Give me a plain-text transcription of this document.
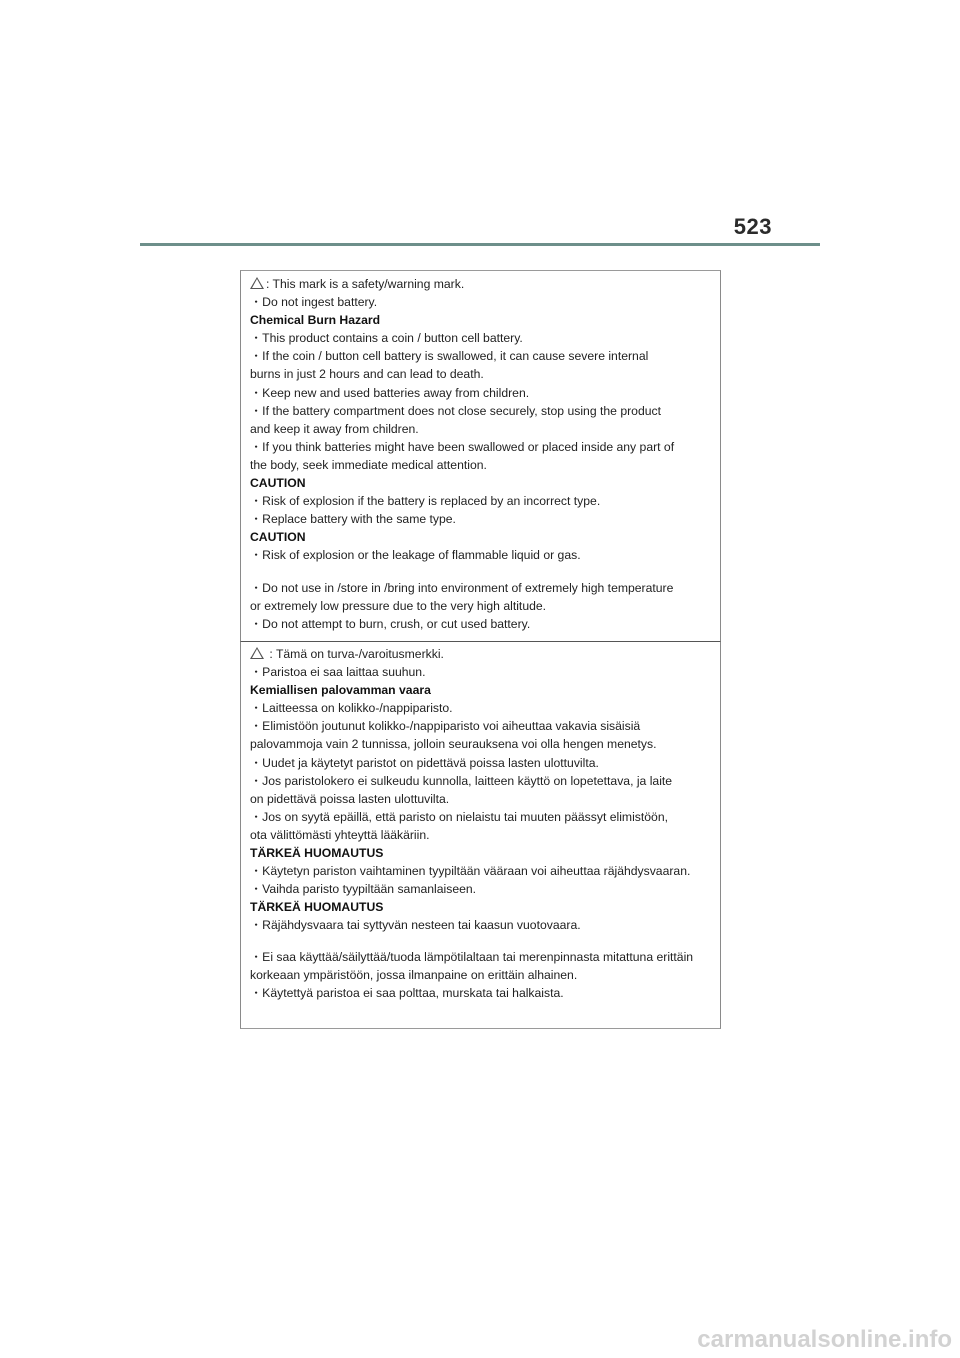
523
: This mark is a safety/warning mark.
・Do not ingest battery.
Chemical Burn Hazard
・This product contains a coin / button cell battery.
・If the coin / button cell battery is swallowed, it can cause severe internal
burns in just 2 hours and can lead to death.
・Keep new and used batteries away from children.
・If the battery compartment does not close securely, stop using the product
and keep it away from children.
・If you think batteries might have been swallowed or placed inside any part of
the body, seek immediate medical attention.
CAUTION
・Risk of explosion if the battery is replaced by an incorrect type.
・Replace battery with the same type.
CAUTION
・Risk of explosion or the leakage of flammable liquid or gas.
・Do not use in /store in /bring into environment of extremely high temperature
or extremely low pressure due to the very high altitude.
・Do not attempt to burn, crush, or cut used battery.
: Tämä on turva-/varoitusmerkki.
・Paristoa ei saa laittaa suuhun.
Kemiallisen palovamman vaara
・Laitteessa on kolikko-/nappiparisto.
・Elimistöön joutunut kolikko-/nappiparisto voi aiheuttaa vakavia sisäisiä
palovammoja vain 2 tunnissa, jolloin seurauksena voi olla hengen menetys.
・Uudet ja käytetyt paristot on pidettävä poissa lasten ulottuvilta.
・Jos paristolokero ei sulkeudu kunnolla, laitteen käyttö on lopetettava, ja laite
on pidettävä poissa lasten ulottuvilta.
・Jos on syytä epäillä, että paristo on nielaistu tai muuten päässyt elimistöön,
ota välittömästi yhteyttä lääkäriin.
TÄRKEÄ HUOMAUTUS
・Käytetyn pariston vaihtaminen tyypiltään vääraan voi aiheuttaa räjähdysvaaran.
・Vaihda paristo tyypiltään samanlaiseen.
TÄRKEÄ HUOMAUTUS
・Räjähdysvaara tai syttyvän nesteen tai kaasun vuotovaara.
・Ei saa käyttää/säilyttää/tuoda lämpötilaltaan tai merenpinnasta mitattuna erittäin
korkeaan ympäristöön, jossa ilmanpaine on erittäin alhainen.
・Käytettyä paristoa ei saa polttaa, murskata tai halkaista.
carmanualsonline.info
